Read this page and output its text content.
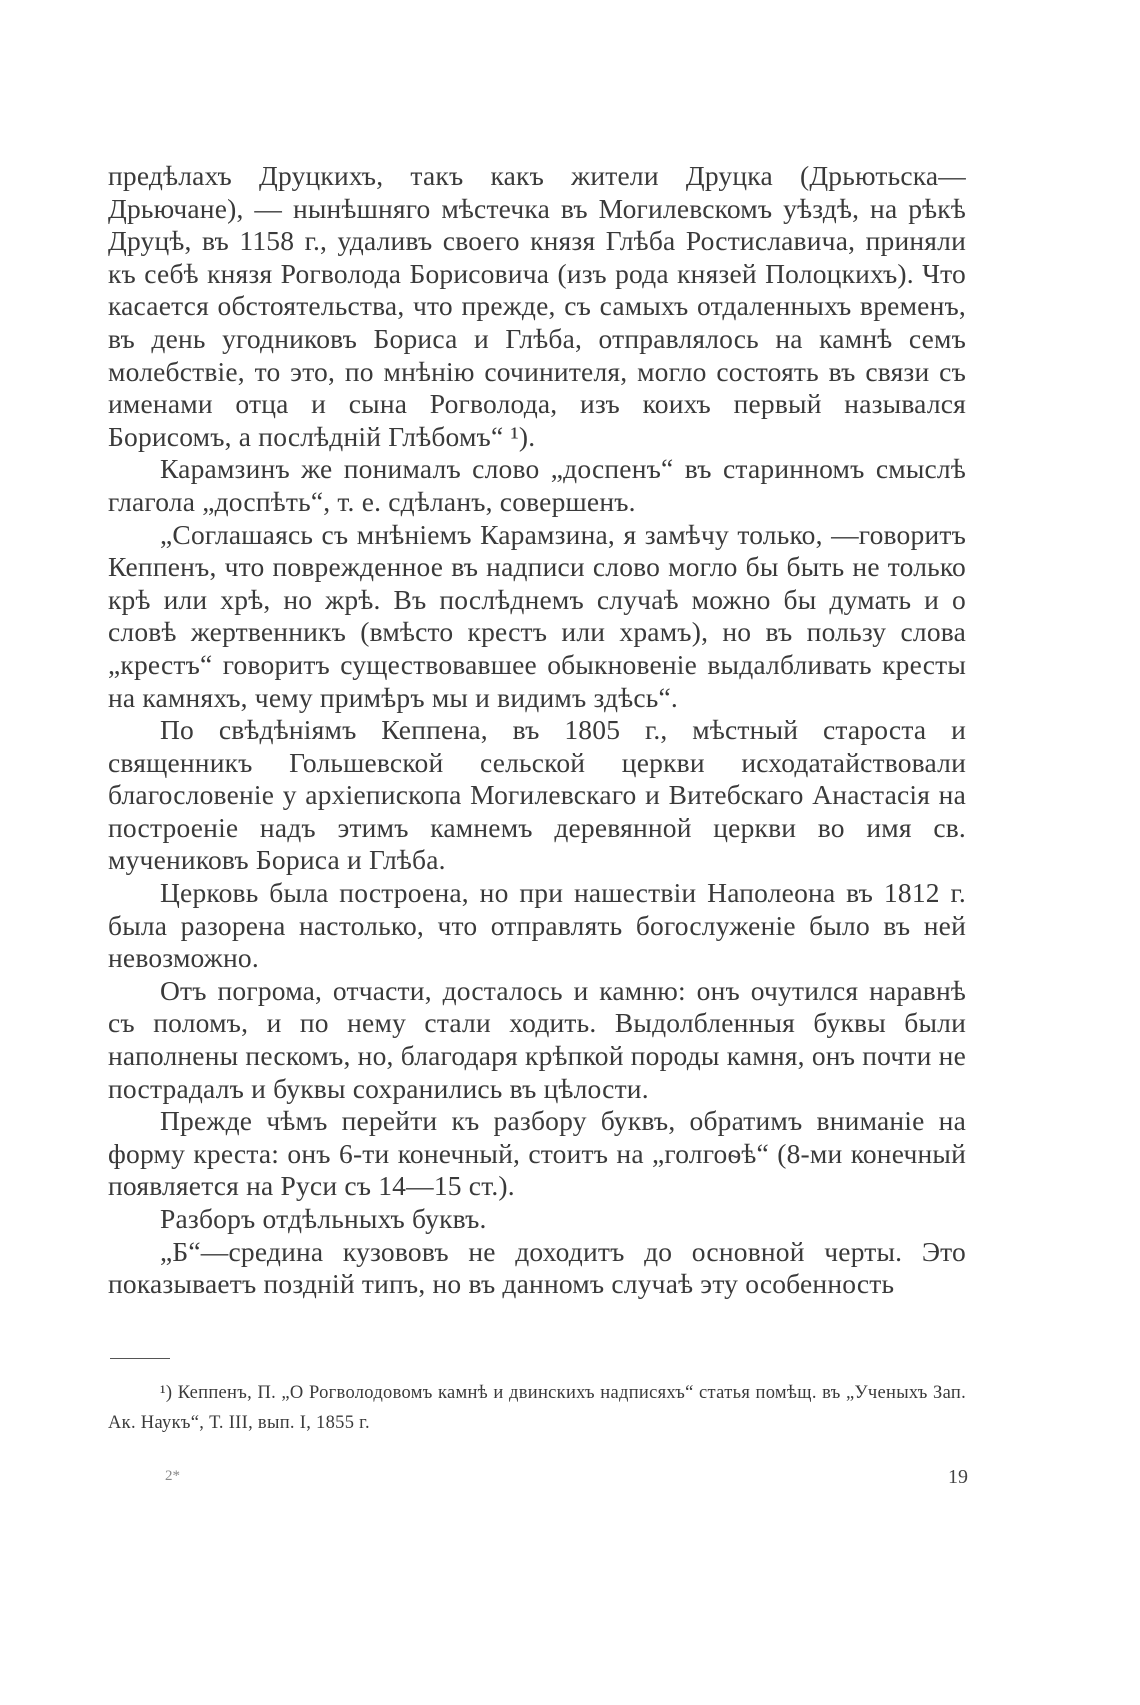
предѣлахъ Друцкихъ, такъ какъ жители Друцка (Дрьютьска—Дрьючане), — нынѣшняго мѣстечка въ Могилевскомъ уѣздѣ, на рѣкѣ Друцѣ, въ 1158 г., удаливъ своего князя Глѣба Ростиславича, приняли къ себѣ князя Рогволода Борисовича (изъ рода князей Полоцкихъ). Что касается обстоятельства, что прежде, съ самыхъ отдаленныхъ временъ, въ день угодниковъ Бориса и Глѣба, отправлялось на камнѣ семъ молебствіе, то это, по мнѣнію сочинителя, могло состоять въ связи съ именами отца и сына Рогволода, изъ коихъ первый назывался Борисомъ, а послѣдній Глѣбомъ“ ¹).

Карамзинъ же понималъ слово „доспенъ“ въ старинномъ смыслѣ глагола „доспѣть“, т. е. сдѣланъ, совершенъ.

„Соглашаясь съ мнѣніемъ Карамзина, я замѣчу только, —говоритъ Кеппенъ, что поврежденное въ надписи слово могло бы быть не только крѣ или хрѣ, но жрѣ. Въ послѣднемъ случаѣ можно бы думать и о словѣ жертвенникъ (вмѣсто крестъ или храмъ), но въ пользу слова „крестъ“ говоритъ существовавшее обыкновеніе выдалбливать кресты на камняхъ, чему примѣръ мы и видимъ здѣсь“.

По свѣдѣніямъ Кеппена, въ 1805 г., мѣстный староста и священникъ Гольшевской сельской церкви исходатайствовали благословеніе у архіепископа Могилевскаго и Витебскаго Анастасія на построеніе надъ этимъ камнемъ деревянной церкви во имя св. мучениковъ Бориса и Глѣба.

Церковь была построена, но при нашествіи Наполеона въ 1812 г. была разорена настолько, что отправлять богослуженіе было въ ней невозможно.

Отъ погрома, отчасти, досталось и камню: онъ очутился наравнѣ съ поломъ, и по нему стали ходить. Выдолбленныя буквы были наполнены пескомъ, но, благодаря крѣпкой породы камня, онъ почти не пострадалъ и буквы сохранились въ цѣлости.

Прежде чѣмъ перейти къ разбору буквъ, обратимъ вниманіе на форму креста: онъ 6-ти конечный, стоитъ на „голгоѳѣ“ (8-ми конечный появляется на Руси съ 14—15 ст.).

Разборъ отдѣльныхъ буквъ.

„Б“—средина кузововъ не доходитъ до основной черты. Это показываетъ поздній типъ, но въ данномъ случаѣ эту особенность

¹) Кеппенъ, П. „О Рогволодовомъ камнѣ и двинскихъ надписяхъ“ статья помѣщ. въ „Ученыхъ Зап. Ак. Наукъ“, Т. III, вып. I, 1855 г.
2*	19
